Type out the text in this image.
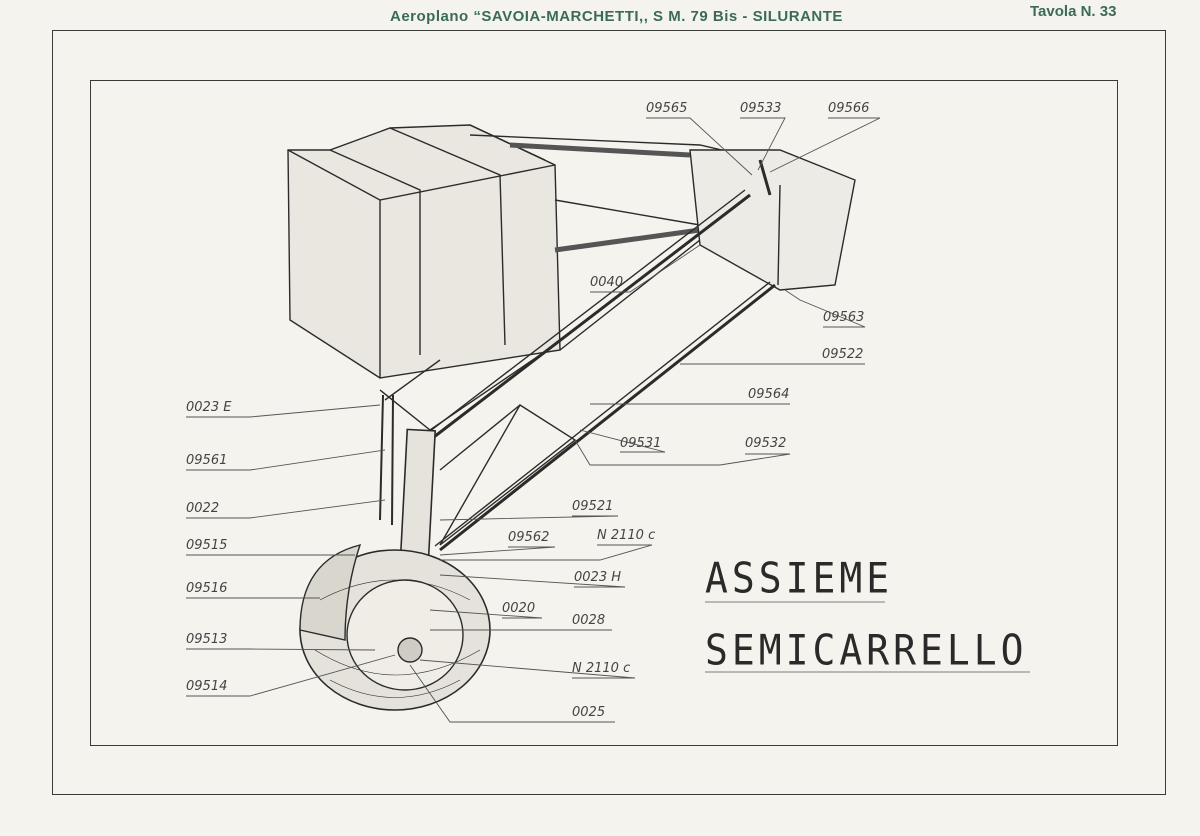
Aeroplano “SAVOIA-MARCHETTI,, S M. 79 Bis - SILURANTE	Tavola N. 33
09565	09533	09566
0040
09563
09522
09564
0023 E
09561
09531	09532
0022	09521
09515
09562	N 2110 c
0023 H
09516
0020
0028
09513
N 2110 c
09514
0025
ASSIEME
SEMICARRELLO
